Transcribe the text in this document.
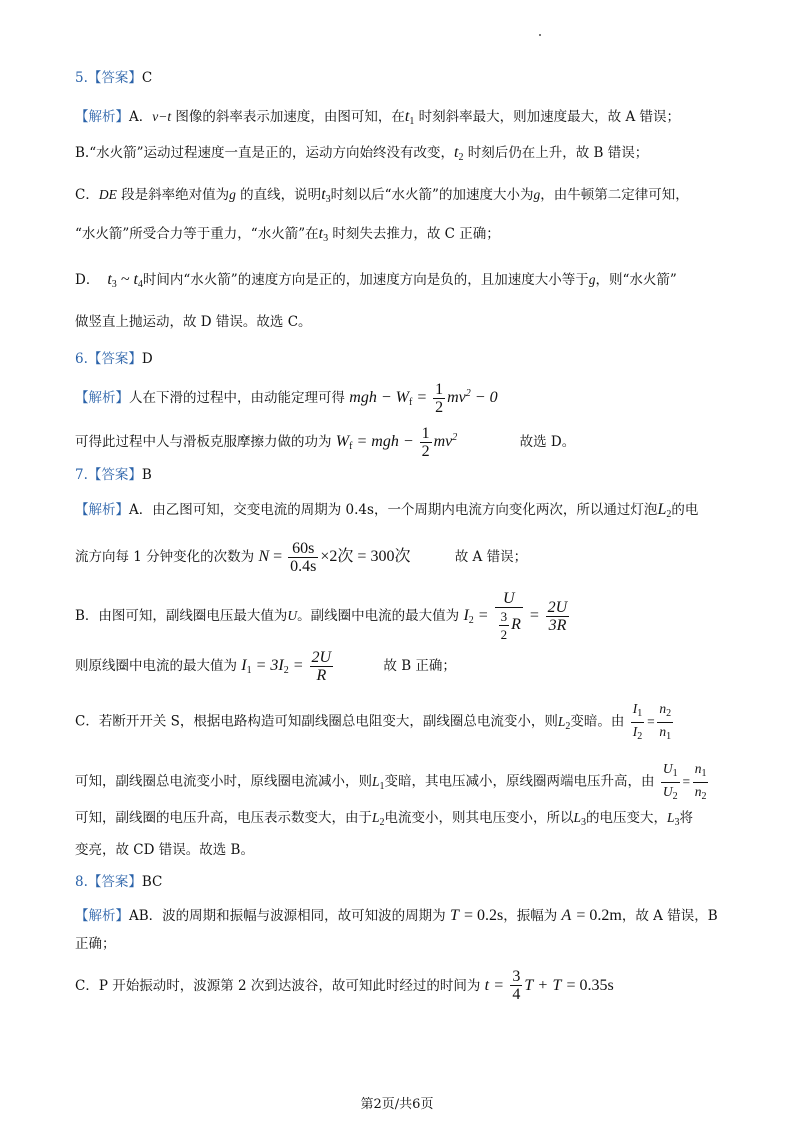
5.【答案】C
【解析】A．v−t 图像的斜率表示加速度，由图可知，在$t_1$ 时刻斜率最大，则加速度最大，故 A 错误；
B.“水火箭”运动过程速度一直是正的，运动方向始终没有改变，$t_2$ 时刻后仍在上升，故 B 错误；
C．DE 段是斜率绝对值为g 的直线，说明$t_3$时刻以后“水火箭”的加速度大小为g，由牛顿第二定律可知，
“水火箭”所受合力等于重力，“水火箭”在$t_3$ 时刻失去推力，故 C 正确；
D． $t_3$ ~ $t_4$时间内“水火箭”的速度方向是正的，加速度方向是负的，且加速度大小等于g，则“水火箭”
做竖直上抛运动，故 D 错误。故选 C。
6.【答案】D
【解析】人在下滑的过程中，由动能定理可得 mgh − $W_f = \frac{1}{2} mv^2 - 0$
可得此过程中人与滑板克服摩擦力做的功为 $W_f$ = mgh − $\frac{1}{2} mv^2$	故选 D。
7.【答案】B
【解析】A．由乙图可知，交变电流的周期为 0.4s，一个周期内电流方向变化两次，所以通过灯泡$L_2$的电
流方向每 1 分钟变化的次数为 $N = \frac{60s}{0.4s} \times 2$次 = 300次	故 A 错误；
B．由图可知，副线圈电压最大值为U。副线圈中电流的最大值为 $I_2 = \frac{U}{\frac{3}{2} R} = \frac{2U}{3R}$
则原线圈中电流的最大值为 $I_1 = 3I_2 = \frac{2U}{R}$	故 B 正确；
C．若断开开关 S，根据电路构造可知副线圈总电阻变大，副线圈总电流变小，则$L_2$变暗。由 $\frac{I_1}{I_2} = \frac{n_2}{n_1}$
可知，副线圈总电流变小时，原线圈电流减小，则$L_1$变暗，其电压减小，原线圈两端电压升高，由 $\frac{U_1}{U_2} = \frac{n_1}{n_2}$
可知，副线圈的电压升高，电压表示数变大，由于$L_2$电流变小，则其电压变小，所以$L_3$的电压变大，$L_3$将
变亮，故 CD 错误。故选 B。
8.【答案】BC
【解析】AB．波的周期和振幅与波源相同，故可知波的周期为 T = 0.2s，振幅为 A = 0.2m，故 A 错误，B
正确；
C．P 开始振动时，波源第 2 次到达波谷，故可知此时经过的时间为 $t = \frac{3}{4}$ T + T = 0.35s
第2页/共6页
